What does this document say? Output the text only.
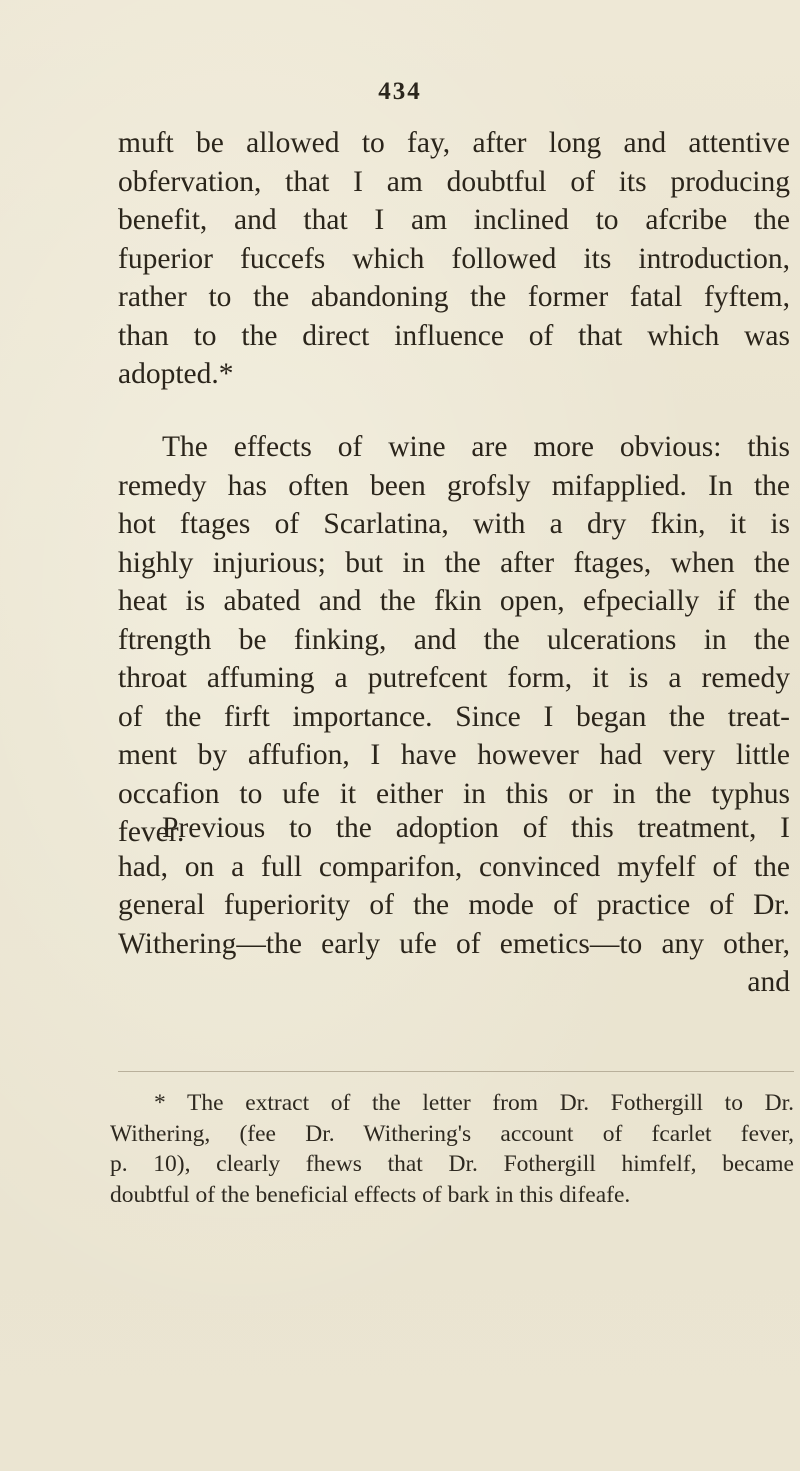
434
muft be allowed to fay, after long and attentive
obfervation, that I am doubtful of its producing
benefit, and that I am inclined to afcribe the
fuperior fuccefs which followed its introduction,
rather to the abandoning the former fatal fyftem,
than to the direct influence of that which was
adopted.*
The effects of wine are more obvious: this
remedy has often been grofsly mifapplied. In the
hot ftages of Scarlatina, with a dry fkin, it is
highly injurious; but in the after ftages, when the
heat is abated and the fkin open, efpecially if the
ftrength be finking, and the ulcerations in the
throat affuming a putrefcent form, it is a remedy
of the firft importance. Since I began the treat-
ment by affufion, I have however had very little
occafion to ufe it either in this or in the typhus
fever.
Previous to the adoption of this treatment, I
had, on a full comparifon, convinced myfelf of the
general fuperiority of the mode of practice of Dr.
Withering—the early ufe of emetics—to any other,
and
* The extract of the letter from Dr. Fothergill to Dr.
Withering, (fee Dr. Withering's account of fcarlet fever,
p. 10), clearly fhews that Dr. Fothergill himfelf, became
doubtful of the beneficial effects of bark in this difeafe.
